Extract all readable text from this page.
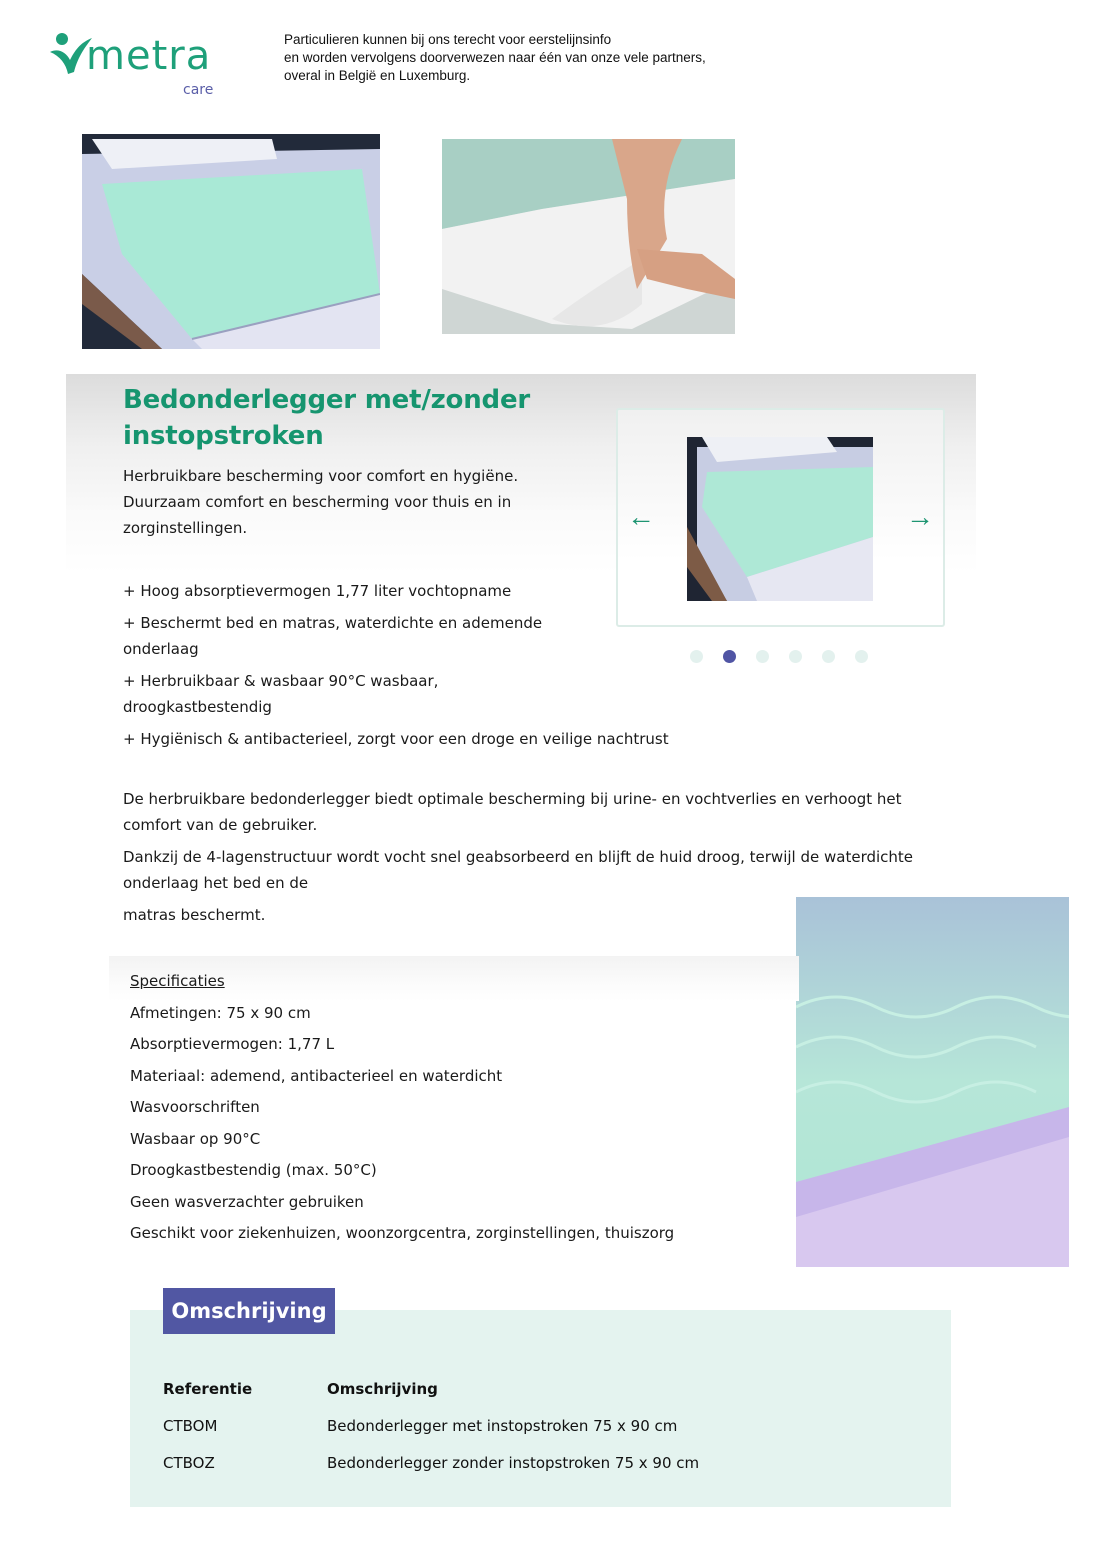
metra
care
Particulieren kunnen bij ons terecht voor eerstelijnsinfo
en worden vervolgens doorverwezen naar één van onze vele partners,
overal in België en Luxemburg.
Bedonderlegger met/zonder instopstroken
Herbruikbare bescherming voor comfort en hygiëne.
Duurzaam comfort en bescherming voor thuis en in
zorginstellingen.	←	→

+ Hoog absorptievermogen 1,77 liter vochtopname

+ Beschermt bed en matras, waterdichte en ademende onderlaag

+ Herbruikbaar & wasbaar 90°C wasbaar, droogkastbestendig

+ Hygiënisch & antibacterieel, zorgt voor een droge en veilige nachtrust

De herbruikbare bedonderlegger biedt optimale bescherming bij urine- en vochtverlies en verhoogt het comfort van de gebruiker.

Dankzij de 4-lagenstructuur wordt vocht snel geabsorbeerd en blijft de huid droog, terwijl de waterdichte onderlaag het bed en de

matras beschermt.

Specificaties
Afmetingen: 75 x 90 cm
Absorptievermogen: 1,77 L
Materiaal: ademend, antibacterieel en waterdicht
Wasvoorschriften
Wasbaar op 90°C
Droogkastbestendig (max. 50°C)
Geen wasverzachter gebruiken
Geschikt voor ziekenhuizen, woonzorgcentra, zorginstellingen, thuiszorg
Omschrijving
Referentie	Omschrijving
CTBOM	Bedonderlegger met instopstroken 75 x 90 cm
CTBOZ	Bedonderlegger zonder instopstroken 75 x 90 cm
